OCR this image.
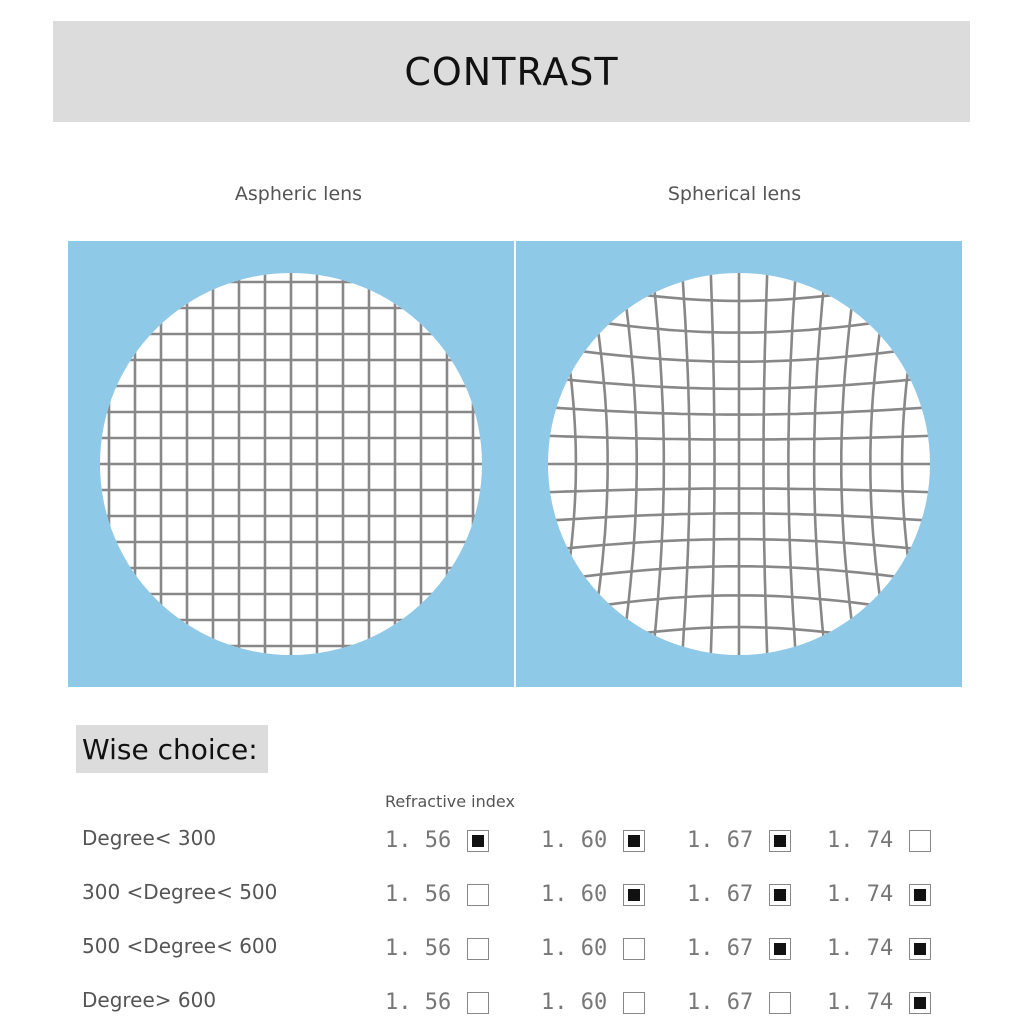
CONTRAST
Aspheric lens	Spherical lens
Wise choice:
Refractive index
Degree< 300	1. 56	1. 60	1. 67	1. 74
300 <Degree< 500	1. 56	1. 60	1. 67	1. 74
500 <Degree< 600	1. 56	1. 60	1. 67	1. 74
Degree> 600	1. 56	1. 60	1. 67	1. 74
